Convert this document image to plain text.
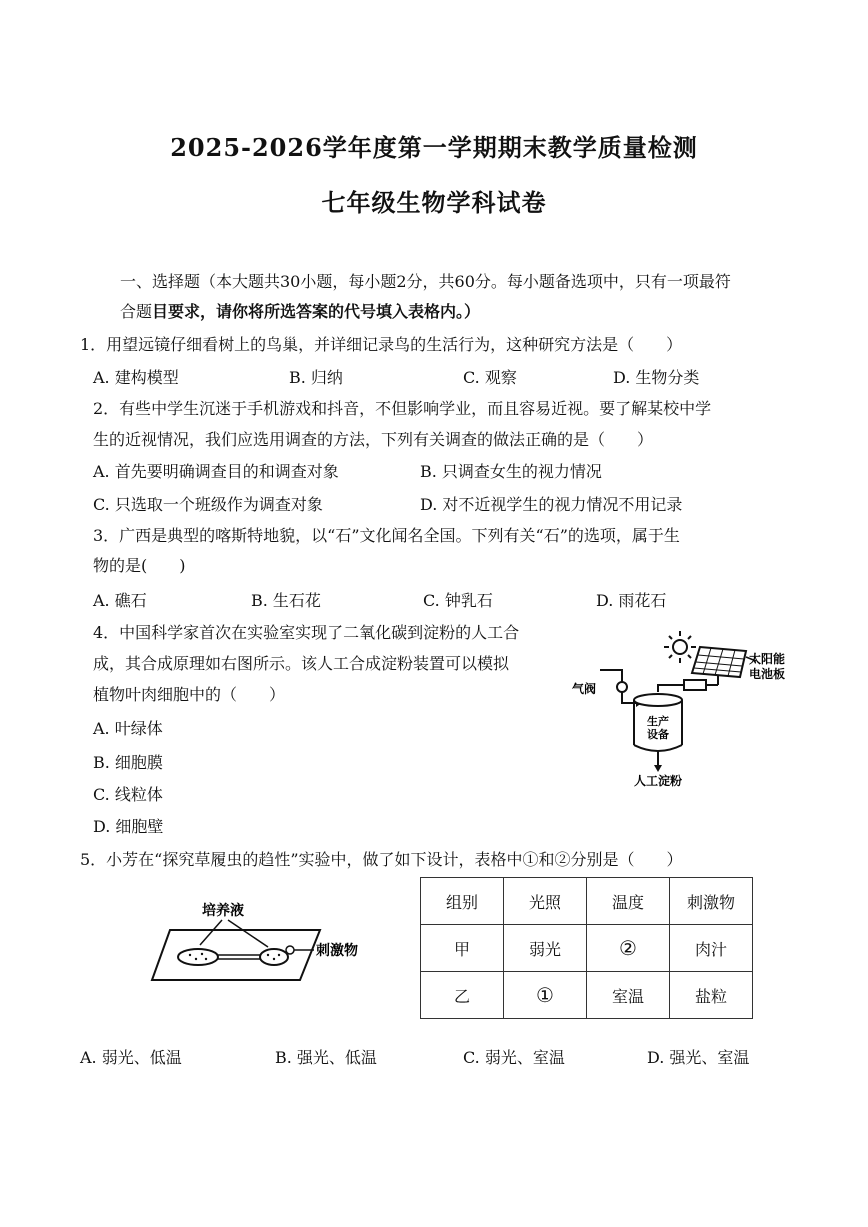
2025-2026学年度第一学期期末教学质量检测
七年级生物学科试卷
一、选择题（本大题共30小题，每小题2分，共60分。每小题备选项中，只有一项最符
合题目要求，请你将所选答案的代号填入表格内。）
1．用望远镜仔细看树上的鸟巢，并详细记录鸟的生活行为，这种研究方法是（　　）
A. 建构模型	B. 归纳	C. 观察	D. 生物分类
2．有些中学生沉迷于手机游戏和抖音，不但影响学业，而且容易近视。要了解某校中学
生的近视情况，我们应选用调查的方法，下列有关调查的做法正确的是（　　）
A. 首先要明确调查目的和调查对象	B. 只调查女生的视力情况
C. 只选取一个班级作为调查对象	D. 对不近视学生的视力情况不用记录
3．广西是典型的喀斯特地貌，以“石”文化闻名全国。下列有关“石”的选项，属于生
物的是(　　)
A. 礁石	B. 生石花	C. 钟乳石	D. 雨花石
4．中国科学家首次在实验室实现了二氧化碳到淀粉的人工合
成，其合成原理如右图所示。该人工合成淀粉装置可以模拟
植物叶肉细胞中的（　　）
A. 叶绿体
B. 细胞膜
C. 线粒体
D. 细胞壁
太阳能
电池板
气阀
生产
设备
人工淀粉
5．小芳在“探究草履虫的趋性”实验中，做了如下设计，表格中①和②分别是（　　）
培养液
刺激物
组别	光照	温度	刺激物
甲	弱光	②	肉汁
乙	①	室温	盐粒
A. 弱光、低温	B. 强光、低温	C. 弱光、室温	D. 强光、室温
